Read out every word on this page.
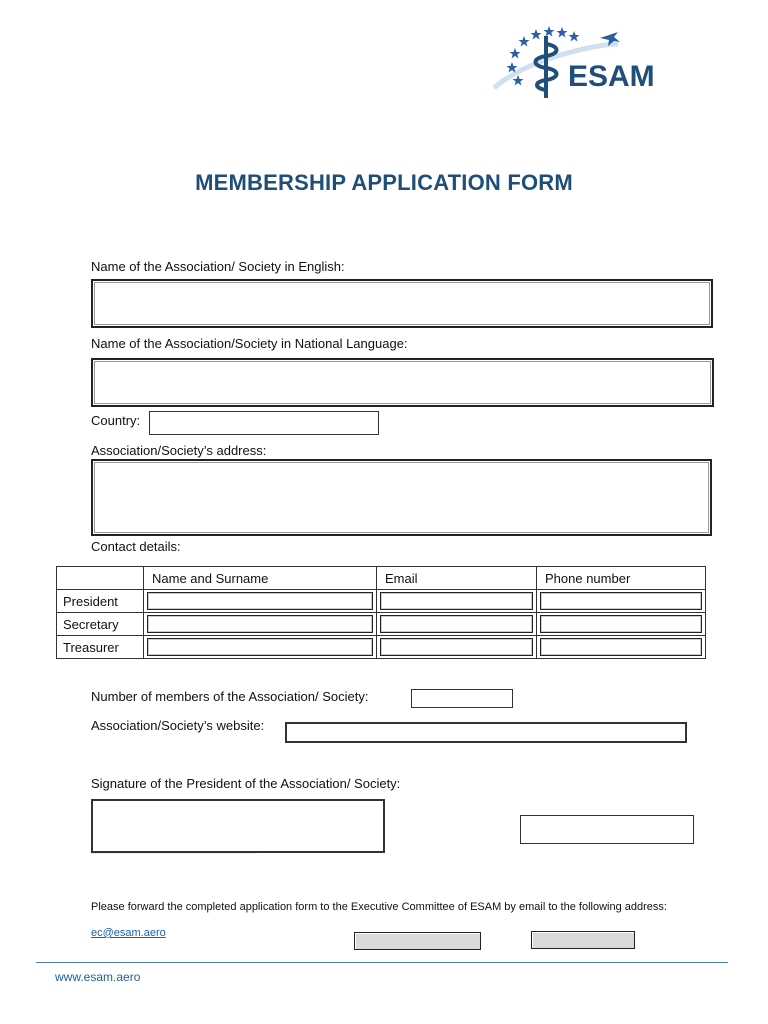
ESAM
MEMBERSHIP APPLICATION FORM
Name of the Association/ Society in English:
Name of the Association/Society in National Language:
Country:
Association/Society’s address:
Contact details:
	Name and Surname	Email	Phone number
President	

Secretary	

Treasurer	

Number of members of the Association/ Society:
Association/Society’s website:
Signature of the President of the Association/ Society:
____________________________________
Please forward the completed application form to the Executive Committee of ESAM by email to the following address:
ec@esam.aero
www.esam.aero
